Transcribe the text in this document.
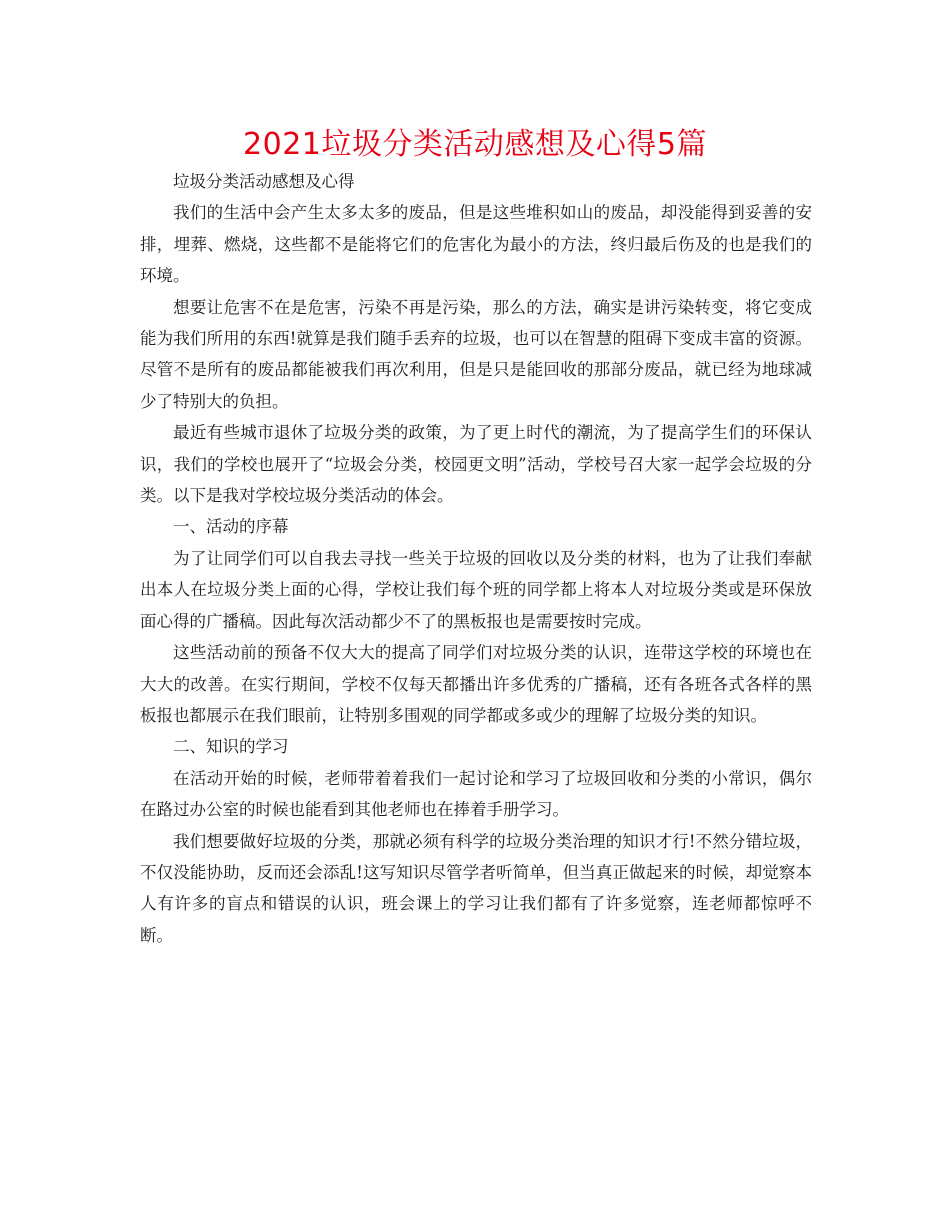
2021垃圾分类活动感想及心得5篇

垃圾分类活动感想及心得

我们的生活中会产生太多太多的废品，但是这些堆积如山的废品，却没能得到妥善的安排，埋葬、燃烧，这些都不是能将它们的危害化为最小的方法，终归最后伤及的也是我们的环境。

想要让危害不在是危害，污染不再是污染，那么的方法，确实是讲污染转变，将它变成能为我们所用的东西!就算是我们随手丢弃的垃圾，也可以在智慧的阻碍下变成丰富的资源。尽管不是所有的废品都能被我们再次利用，但是只是能回收的那部分废品，就已经为地球减少了特别大的负担。

最近有些城市退休了垃圾分类的政策，为了更上时代的潮流，为了提高学生们的环保认识，我们的学校也展开了“垃圾会分类，校园更文明”活动，学校号召大家一起学会垃圾的分类。以下是我对学校垃圾分类活动的体会。

一、活动的序幕

为了让同学们可以自我去寻找一些关于垃圾的回收以及分类的材料，也为了让我们奉献出本人在垃圾分类上面的心得，学校让我们每个班的同学都上将本人对垃圾分类或是环保放面心得的广播稿。因此每次活动都少不了的黑板报也是需要按时完成。

这些活动前的预备不仅大大的提高了同学们对垃圾分类的认识，连带这学校的环境也在大大的改善。在实行期间，学校不仅每天都播出许多优秀的广播稿，还有各班各式各样的黑板报也都展示在我们眼前，让特别多围观的同学都或多或少的理解了垃圾分类的知识。

二、知识的学习

在活动开始的时候，老师带着着我们一起讨论和学习了垃圾回收和分类的小常识，偶尔在路过办公室的时候也能看到其他老师也在捧着手册学习。

我们想要做好垃圾的分类，那就必须有科学的垃圾分类治理的知识才行!不然分错垃圾，不仅没能协助，反而还会添乱!这写知识尽管学者听简单，但当真正做起来的时候，却觉察本人有许多的盲点和错误的认识，班会课上的学习让我们都有了许多觉察，连老师都惊呼不断。
